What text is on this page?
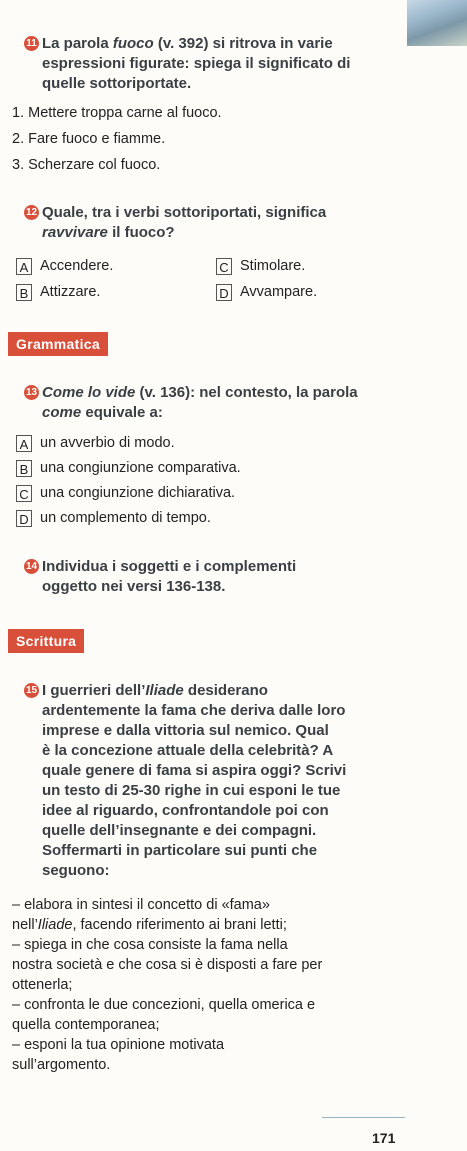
11 La parola fuoco (v. 392) si ritrova in varie
espressioni figurate: spiega il significato di
quelle sottoriportate.
1. Mettere troppa carne al fuoco.
2. Fare fuoco e fiamme.
3. Scherzare col fuoco.
12 Quale, tra i verbi sottoriportati, significa
ravvivare il fuoco?
A Accendere.	C Stimolare.
B Attizzare.	D Avvampare.
Grammatica
13 Come lo vide (v. 136): nel contesto, la parola
come equivale a:
A un avverbio di modo.
B una congiunzione comparativa.
C una congiunzione dichiarativa.
D un complemento di tempo.
14 Individua i soggetti e i complementi
oggetto nei versi 136-138.
Scrittura
15 I guerrieri dell’Iliade desiderano
ardentemente la fama che deriva dalle loro
imprese e dalla vittoria sul nemico. Qual
è la concezione attuale della celebrità? A
quale genere di fama si aspira oggi? Scrivi
un testo di 25-30 righe in cui esponi le tue
idee al riguardo, confrontandole poi con
quelle dell’insegnante e dei compagni.
Soffermarti in particolare sui punti che
seguono:
– elabora in sintesi il concetto di «fama»
nell’Iliade, facendo riferimento ai brani letti;
– spiega in che cosa consiste la fama nella
nostra società e che cosa si è disposti a fare per
ottenerla;
– confronta le due concezioni, quella omerica e
quella contemporanea;
– esponi la tua opinione motivata
sull’argomento.
171
